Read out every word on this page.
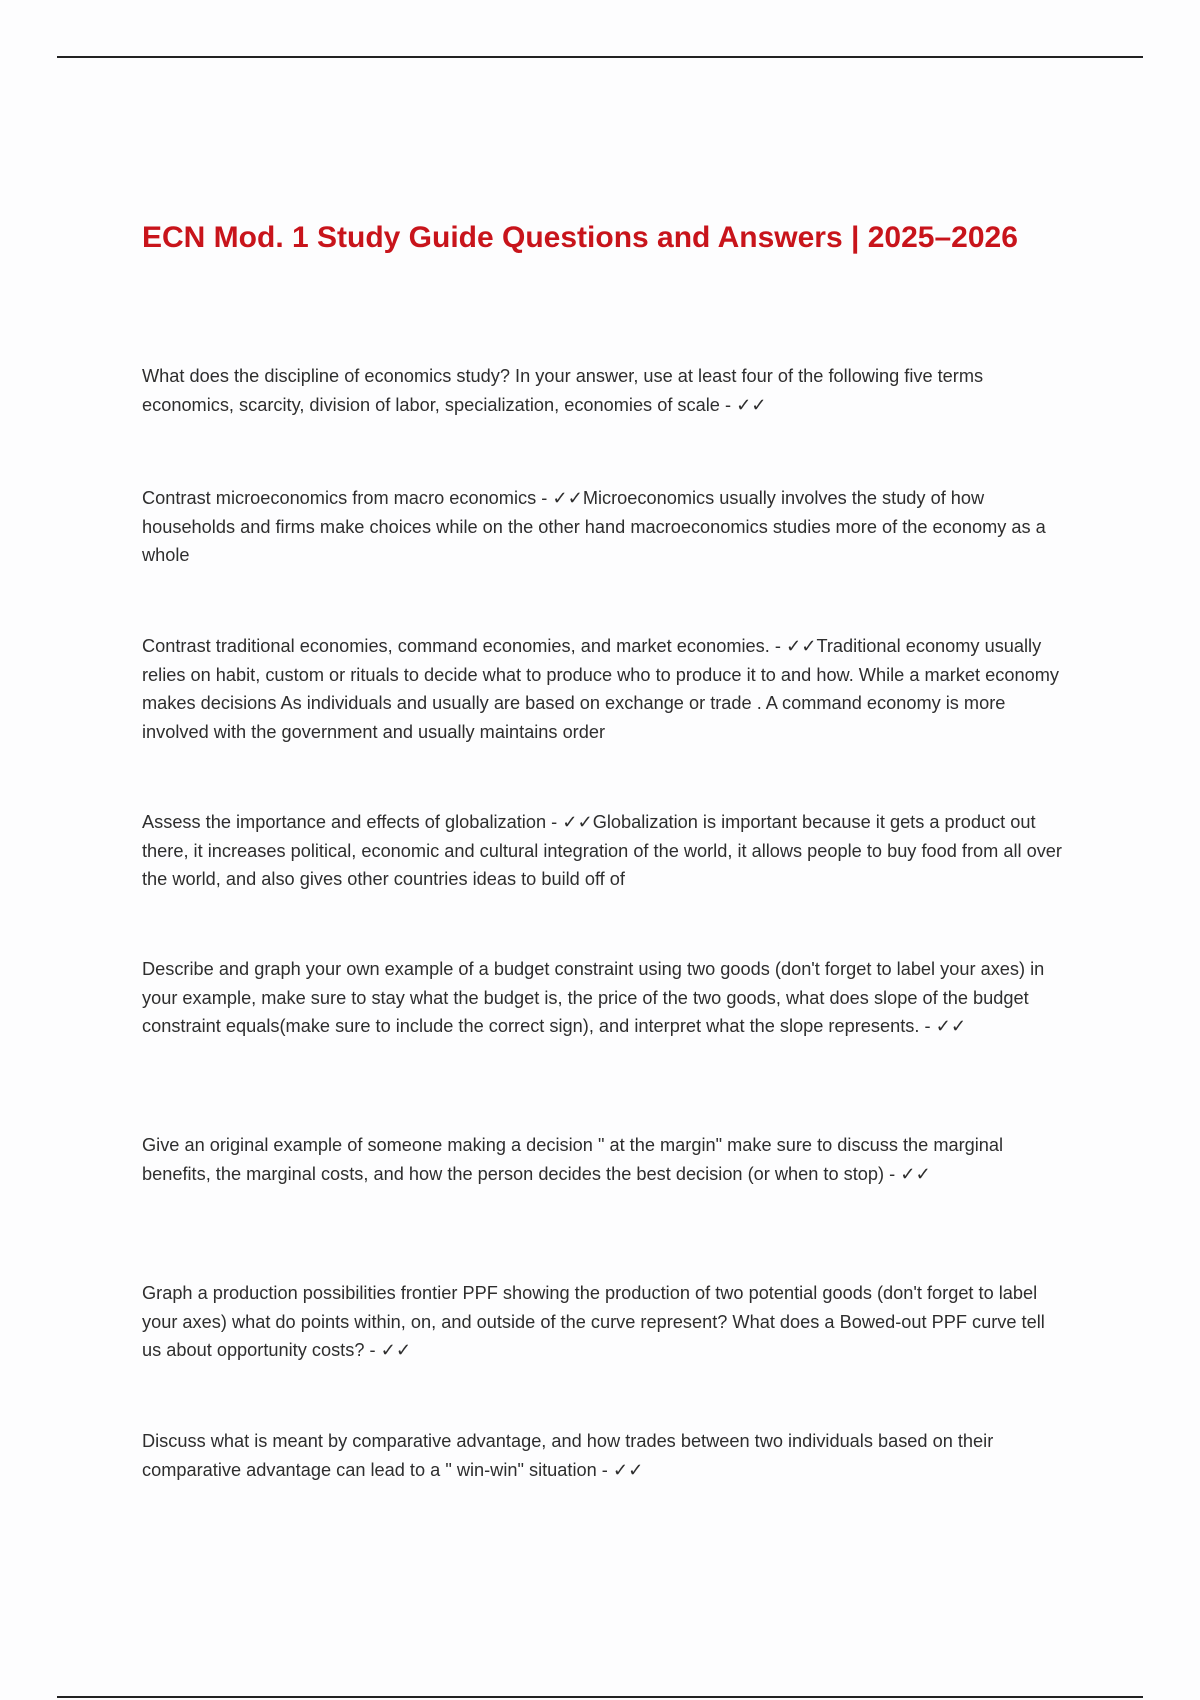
ECN Mod. 1 Study Guide Questions and Answers | 2025–2026

What does the discipline of economics study? In your answer, use at least four of the following five terms economics, scarcity, division of labor, specialization, economies of scale - ✓✓

Contrast microeconomics from macro economics - ✓✓Microeconomics usually involves the study of how households and firms make choices while on the other hand macroeconomics studies more of the economy as a whole

Contrast traditional economies, command economies, and market economies. - ✓✓Traditional economy usually relies on habit, custom or rituals to decide what to produce who to produce it to and how. While a market economy makes decisions As individuals and usually are based on exchange or trade . A command economy is more involved with the government and usually maintains order

Assess the importance and effects of globalization - ✓✓Globalization is important because it gets a product out there, it increases political, economic and cultural integration of the world, it allows people to buy food from all over the world, and also gives other countries ideas to build off of

Describe and graph your own example of a budget constraint using two goods (don't forget to label your axes) in your example, make sure to stay what the budget is, the price of the two goods, what does slope of the budget constraint equals(make sure to include the correct sign), and interpret what the slope represents. - ✓✓

Give an original example of someone making a decision " at the margin" make sure to discuss the marginal benefits, the marginal costs, and how the person decides the best decision (or when to stop) - ✓✓

Graph a production possibilities frontier PPF showing the production of two potential goods (don't forget to label your axes) what do points within, on, and outside of the curve represent? What does a Bowed-out PPF curve tell us about opportunity costs? - ✓✓

Discuss what is meant by comparative advantage, and how trades between two individuals based on their comparative advantage can lead to a " win-win" situation - ✓✓
